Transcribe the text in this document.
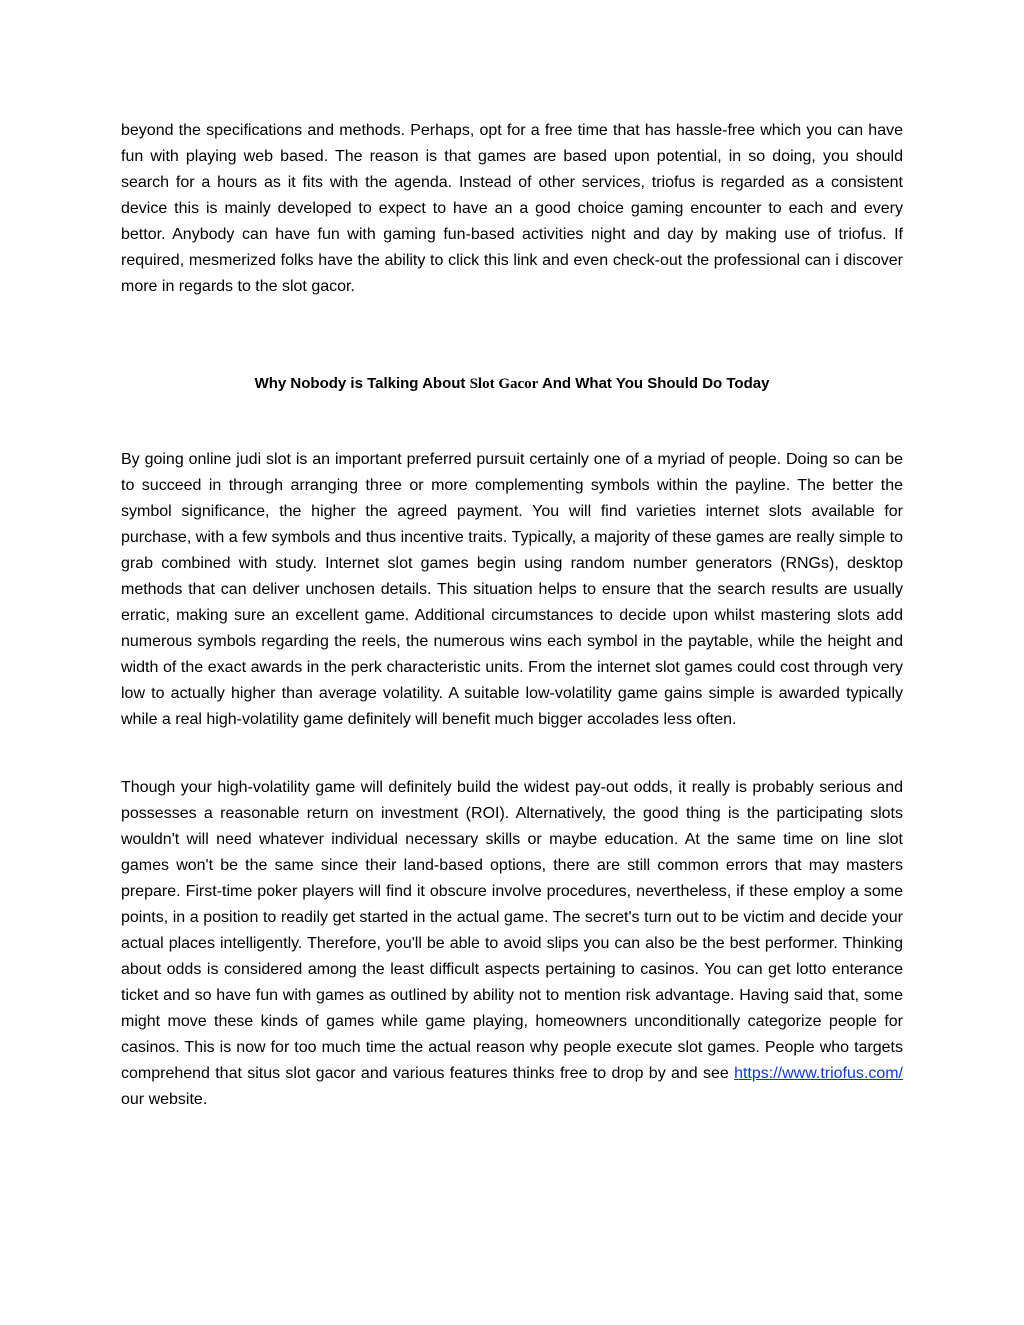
beyond the specifications and methods. Perhaps, opt for a free time that has hassle-free which you can have fun with playing web based. The reason is that games are based upon potential, in so doing, you should search for a hours as it fits with the agenda. Instead of other services, triofus is regarded as a consistent device this is mainly developed to expect to have an a good choice gaming encounter to each and every bettor. Anybody can have fun with gaming fun-based activities night and day by making use of triofus. If required, mesmerized folks have the ability to click this link and even check-out the professional can i discover more in regards to the slot gacor.

Why Nobody is Talking About Slot Gacor And What You Should Do Today

By going online judi slot is an important preferred pursuit certainly one of a myriad of people. Doing so can be to succeed in through arranging three or more complementing symbols within the payline. The better the symbol significance, the higher the agreed payment. You will find varieties internet slots available for purchase, with a few symbols and thus incentive traits. Typically, a majority of these games are really simple to grab combined with study. Internet slot games begin using random number generators (RNGs), desktop methods that can deliver unchosen details. This situation helps to ensure that the search results are usually erratic, making sure an excellent game. Additional circumstances to decide upon whilst mastering slots add numerous symbols regarding the reels, the numerous wins each symbol in the paytable, while the height and width of the exact awards in the perk characteristic units. From the internet slot games could cost through very low to actually higher than average volatility. A suitable low-volatility game gains simple is awarded typically while a real high-volatility game definitely will benefit much bigger accolades less often.

Though your high-volatility game will definitely build the widest pay-out odds, it really is probably serious and possesses a reasonable return on investment (ROI). Alternatively, the good thing is the participating slots wouldn't will need whatever individual necessary skills or maybe education. At the same time on line slot games won't be the same since their land-based options, there are still common errors that may masters prepare. First-time poker players will find it obscure involve procedures, nevertheless, if these employ a some points, in a position to readily get started in the actual game. The secret's turn out to be victim and decide your actual places intelligently. Therefore, you'll be able to avoid slips you can also be the best performer. Thinking about odds is considered among the least difficult aspects pertaining to casinos. You can get lotto enterance ticket and so have fun with games as outlined by ability not to mention risk advantage. Having said that, some might move these kinds of games while game playing, homeowners unconditionally categorize people for casinos. This is now for too much time the actual reason why people execute slot games. People who targets comprehend that situs slot gacor and various features thinks free to drop by and see https://www.triofus.com/ our website.
